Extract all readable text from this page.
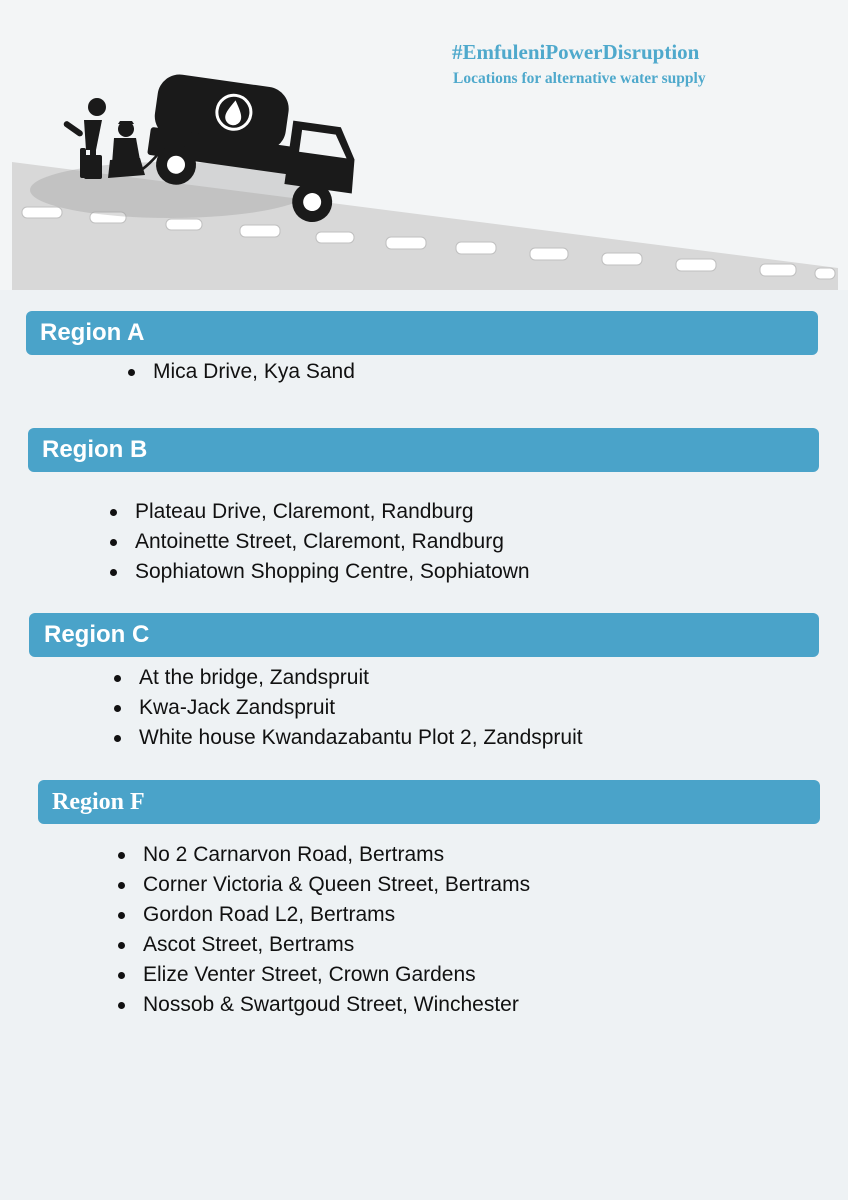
#EmfuleniPowerDisruption
Locations for alternative water supply
Region A
Mica Drive, Kya Sand
Region B
Plateau Drive, Claremont, Randburg
Antoinette Street, Claremont, Randburg
Sophiatown Shopping Centre, Sophiatown
Region C
At the bridge, Zandspruit
Kwa-Jack Zandspruit
White house Kwandazabantu Plot 2, Zandspruit
Region F
No 2 Carnarvon Road, Bertrams
Corner Victoria & Queen Street, Bertrams
Gordon Road L2, Bertrams
Ascot Street, Bertrams
Elize Venter Street, Crown Gardens
Nossob & Swartgoud Street, Winchester
